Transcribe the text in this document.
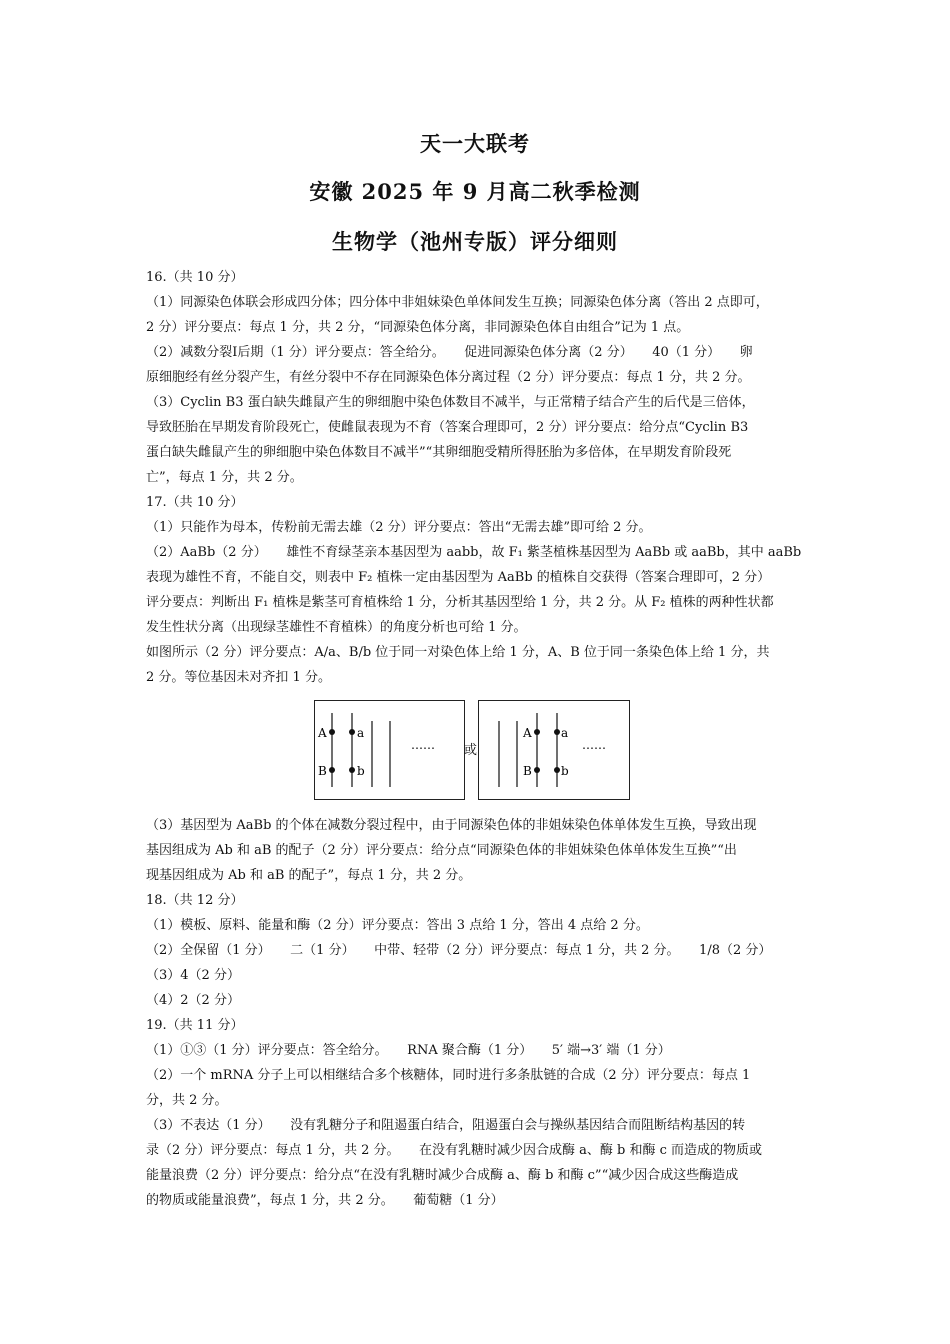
天一大联考
安徽 2025 年 9 月高二秋季检测
生物学（池州专版）评分细则
16.（共 10 分）
（1）同源染色体联会形成四分体；四分体中非姐妹染色单体间发生互换；同源染色体分离（答出 2 点即可，
2 分）评分要点：每点 1 分，共 2 分，“同源染色体分离，非同源染色体自由组合”记为 1 点。
（2）减数分裂Ⅰ后期（1 分）评分要点：答全给分。　　促进同源染色体分离（2 分）　　40（1 分）　　卵
原细胞经有丝分裂产生，有丝分裂中不存在同源染色体分离过程（2 分）评分要点：每点 1 分，共 2 分。
（3）Cyclin B3 蛋白缺失雌鼠产生的卵细胞中染色体数目不减半，与正常精子结合产生的后代是三倍体，
导致胚胎在早期发育阶段死亡，使雌鼠表现为不育（答案合理即可，2 分）评分要点：给分点“Cyclin B3
蛋白缺失雌鼠产生的卵细胞中染色体数目不减半”“其卵细胞受精所得胚胎为多倍体，在早期发育阶段死
亡”，每点 1 分，共 2 分。
17.（共 10 分）
（1）只能作为母本，传粉前无需去雄（2 分）评分要点：答出“无需去雄”即可给 2 分。
（2）AaBb（2 分）　　雄性不育绿茎亲本基因型为 aabb，故 F₁ 紫茎植株基因型为 AaBb 或 aaBb，其中 aaBb
表现为雄性不育，不能自交，则表中 F₂ 植株一定由基因型为 AaBb 的植株自交获得（答案合理即可，2 分）
评分要点：判断出 F₁ 植株是紫茎可育植株给 1 分，分析其基因型给 1 分，共 2 分。从 F₂ 植株的两种性状都
发生性状分离（出现绿茎雄性不育植株）的角度分析也可给 1 分。
如图所示（2 分）评分要点：A/a、B/b 位于同一对染色体上给 1 分，A、B 位于同一条染色体上给 1 分，共
2 分。等位基因未对齐扣 1 分。
A	a
B	b
…… 或
A a
B b
……
（3）基因型为 AaBb 的个体在减数分裂过程中，由于同源染色体的非姐妹染色体单体发生互换，导致出现
基因组成为 Ab 和 aB 的配子（2 分）评分要点：给分点“同源染色体的非姐妹染色体单体发生互换”“出
现基因组成为 Ab 和 aB 的配子”，每点 1 分，共 2 分。
18.（共 12 分）
（1）模板、原料、能量和酶（2 分）评分要点：答出 3 点给 1 分，答出 4 点给 2 分。
（2）全保留（1 分）　　二（1 分）　　中带、轻带（2 分）评分要点：每点 1 分，共 2 分。　　1/8（2 分）
（3）4（2 分）
（4）2（2 分）
19.（共 11 分）
（1）①③（1 分）评分要点：答全给分。　　RNA 聚合酶（1 分）　　5′ 端→3′ 端（1 分）
（2）一个 mRNA 分子上可以相继结合多个核糖体，同时进行多条肽链的合成（2 分）评分要点：每点 1
分，共 2 分。
（3）不表达（1 分）　　没有乳糖分子和阻遏蛋白结合，阻遏蛋白会与操纵基因结合而阻断结构基因的转
录（2 分）评分要点：每点 1 分，共 2 分。　　在没有乳糖时减少因合成酶 a、酶 b 和酶 c 而造成的物质或
能量浪费（2 分）评分要点：给分点“在没有乳糖时减少合成酶 a、酶 b 和酶 c”“减少因合成这些酶造成
的物质或能量浪费”，每点 1 分，共 2 分。　　葡萄糖（1 分）
